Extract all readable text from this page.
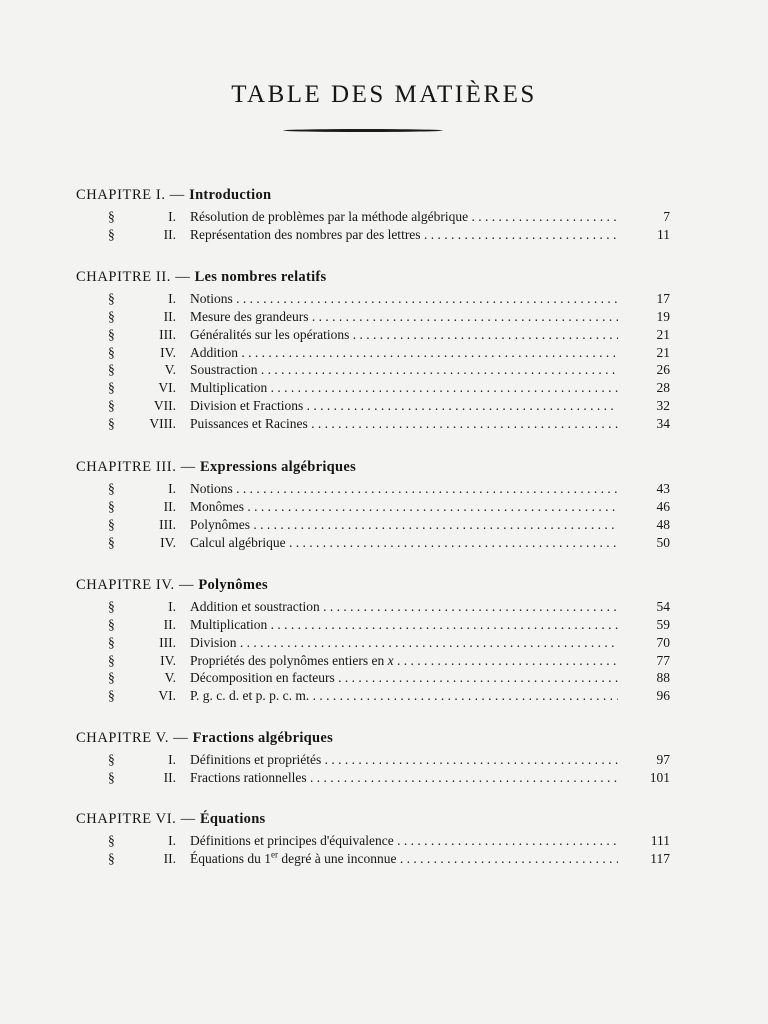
TABLE DES MATIÈRES
CHAPITRE I. — Introduction
§	I. Résolution de problèmes par la méthode algébrique . . .	7
§	II. Représentation des nombres par des lettres . . .	11
CHAPITRE II. — Les nombres relatifs
§	I. Notions . . .	17
§	II. Mesure des grandeurs . . .	19
§	III. Généralités sur les opérations . . .	21
§	IV. Addition . . .	21
§	V. Soustraction . . .	26
§	VI. Multiplication . . .	28
§	VII. Division et Fractions . . .	32
§	VIII. Puissances et Racines . . .	34
CHAPITRE III. — Expressions algébriques
§	I. Notions . . .	43
§	II. Monômes . . .	46
§	III. Polynômes . . .	48
§	IV. Calcul algébrique . . .	50
CHAPITRE IV. — Polynômes
§	I. Addition et soustraction . . .	54
§	II. Multiplication . . .	59
§	III. Division . . .	70
§	IV. Propriétés des polynômes entiers en x . . .	77
§	V. Décomposition en facteurs . . .	88
§	VI. P. g. c. d. et p. p. c. m. . . .	96
CHAPITRE V. — Fractions algébriques
§	I. Définitions et propriétés . . .	97
§	II. Fractions rationnelles . . .	101
CHAPITRE VI. — Équations
§	I. Définitions et principes d'équivalence . . .	111
§	II. Équations du 1er degré à une inconnue . . .	117
